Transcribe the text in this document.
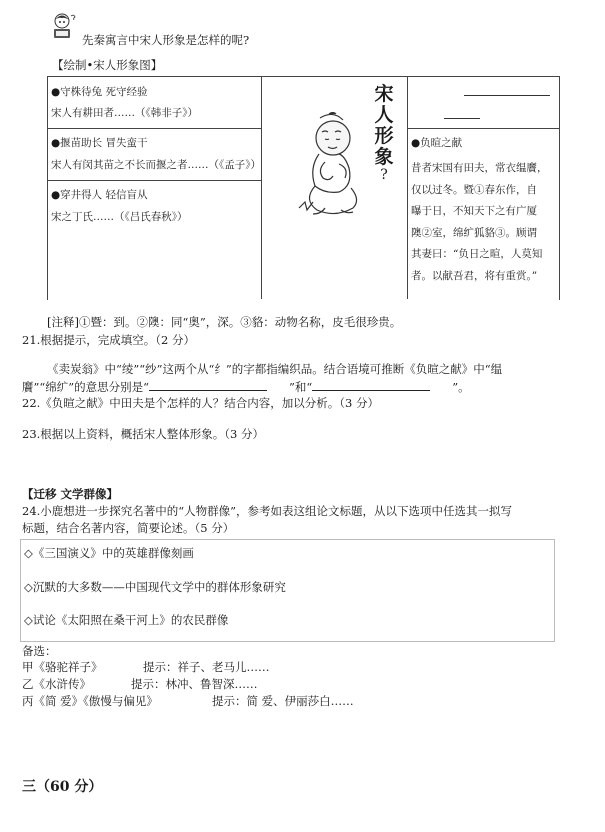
先秦寓言中宋人形象是怎样的呢?
【绘制•宋人形象图】
●守株待兔 死守经验
宋人有耕田者……（《韩非子》）
●揠苗助长 冒失蛮干
宋人有闵其苗之不长而揠之者……（《孟子》）
●穿井得人 轻信盲从
宋之丁氏……（《吕氏春秋》）
宋
人
形
象
?
●负暄之献
昔者宋国有田夫，常衣缊黂，
仅以过冬。暨①春东作，自
曝于日，不知天下之有广厦
隩②室，绵纩狐貉③。顾谓
其妻曰：“负日之暄，人莫知
者。以献吾君，将有重赏。”
[注释]①暨：到。②隩：同“奥”，深。③貉：动物名称，皮毛很珍贵。
21.根据提示，完成填空。（2 分）
《卖炭翁》中“绫”“纱”这两个从“纟”的字都指编织品。结合语境可推断《负暄之献》中“缊
黂”“绵纩”的意思分别是“	”和“	”。
22.《负暄之献》中田夫是个怎样的人？结合内容，加以分析。（3 分）
23.根据以上资料，概括宋人整体形象。（3 分）
【迁移 文学群像】
24.小鹿想进一步探究名著中的“人物群像”，参考如表这组论文标题，从以下选项中任选其一拟写
标题，结合名著内容，简要论述。（5 分）
◇《三国演义》中的英雄群像刻画
◇沉默的大多数——中国现代文学中的群体形象研究
◇试论《太阳照在桑干河上》的农民群像
备选：
甲《骆驼祥子》	提示：祥子、老马儿……
乙《水浒传》	提示：林冲、鲁智深……
丙《简 爱》《傲慢与偏见》	提示：简 爱、伊丽莎白……
三（60 分）
